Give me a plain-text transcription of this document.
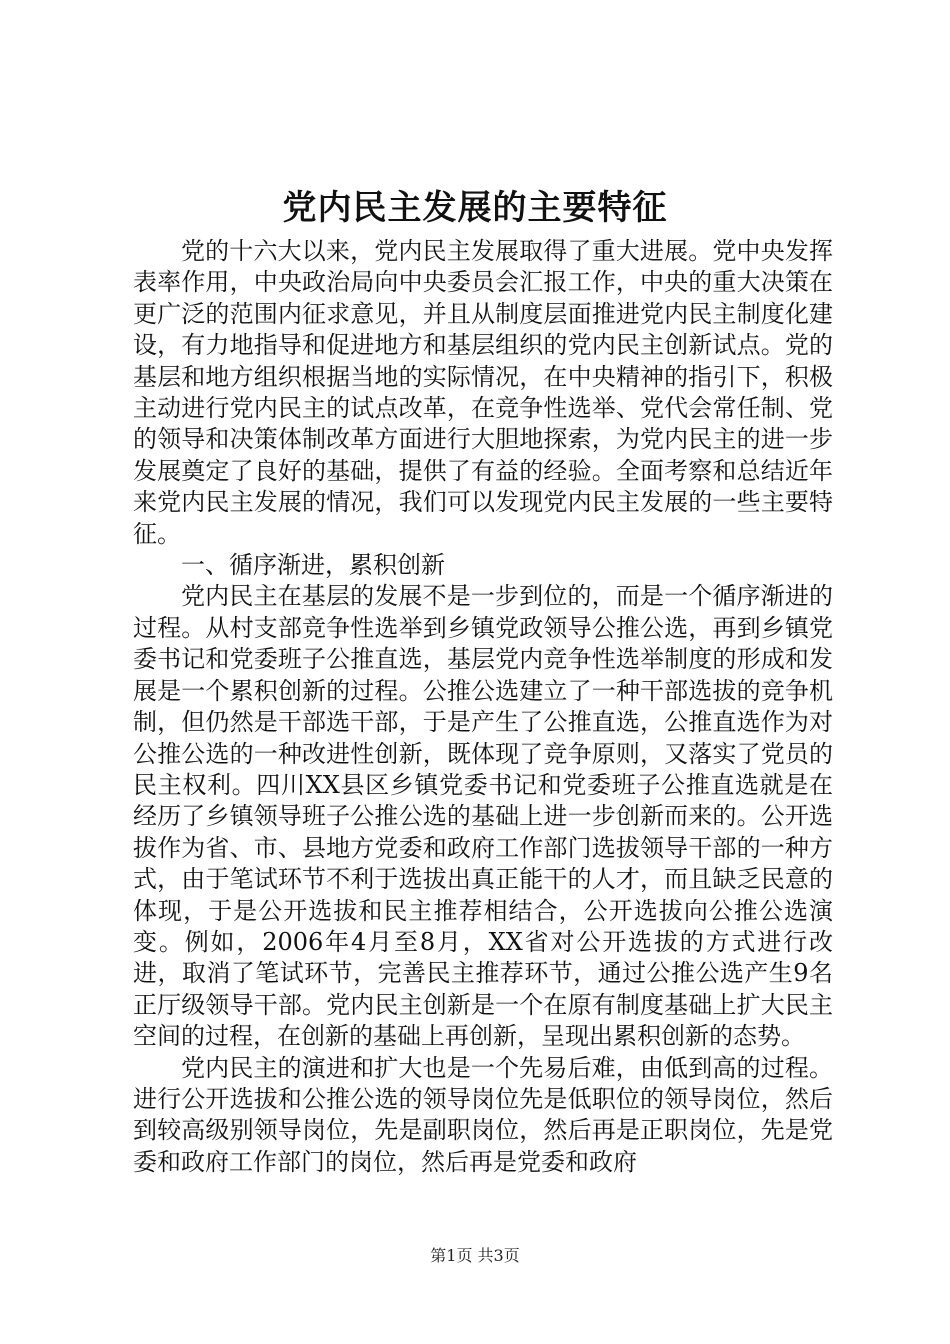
党内民主发展的主要特征

党的十六大以来，党内民主发展取得了重大进展。党中央发挥表率作用，中央政治局向中央委员会汇报工作，中央的重大决策在更广泛的范围内征求意见，并且从制度层面推进党内民主制度化建设，有力地指导和促进地方和基层组织的党内民主创新试点。党的基层和地方组织根据当地的实际情况，在中央精神的指引下，积极主动进行党内民主的试点改革，在竞争性选举、党代会常任制、党的领导和决策体制改革方面进行大胆地探索，为党内民主的进一步发展奠定了良好的基础，提供了有益的经验。全面考察和总结近年来党内民主发展的情况，我们可以发现党内民主发展的一些主要特征。

一、循序渐进，累积创新

党内民主在基层的发展不是一步到位的，而是一个循序渐进的过程。从村支部竞争性选举到乡镇党政领导公推公选，再到乡镇党委书记和党委班子公推直选，基层党内竞争性选举制度的形成和发展是一个累积创新的过程。公推公选建立了一种干部选拔的竞争机制，但仍然是干部选干部，于是产生了公推直选，公推直选作为对公推公选的一种改进性创新，既体现了竞争原则，又落实了党员的民主权利。四川XX县区乡镇党委书记和党委班子公推直选就是在经历了乡镇领导班子公推公选的基础上进一步创新而来的。公开选拔作为省、市、县地方党委和政府工作部门选拔领导干部的一种方式，由于笔试环节不利于选拔出真正能干的人才，而且缺乏民意的体现，于是公开选拔和民主推荐相结合，公开选拔向公推公选演变。例如，2006年4月至8月，XX省对公开选拔的方式进行改进，取消了笔试环节，完善民主推荐环节，通过公推公选产生9名正厅级领导干部。党内民主创新是一个在原有制度基础上扩大民主空间的过程，在创新的基础上再创新，呈现出累积创新的态势。

党内民主的演进和扩大也是一个先易后难，由低到高的过程。进行公开选拔和公推公选的领导岗位先是低职位的领导岗位，然后到较高级别领导岗位，先是副职岗位，然后再是正职岗位，先是党委和政府工作部门的岗位，然后再是党委和政府

第1页 共3页
